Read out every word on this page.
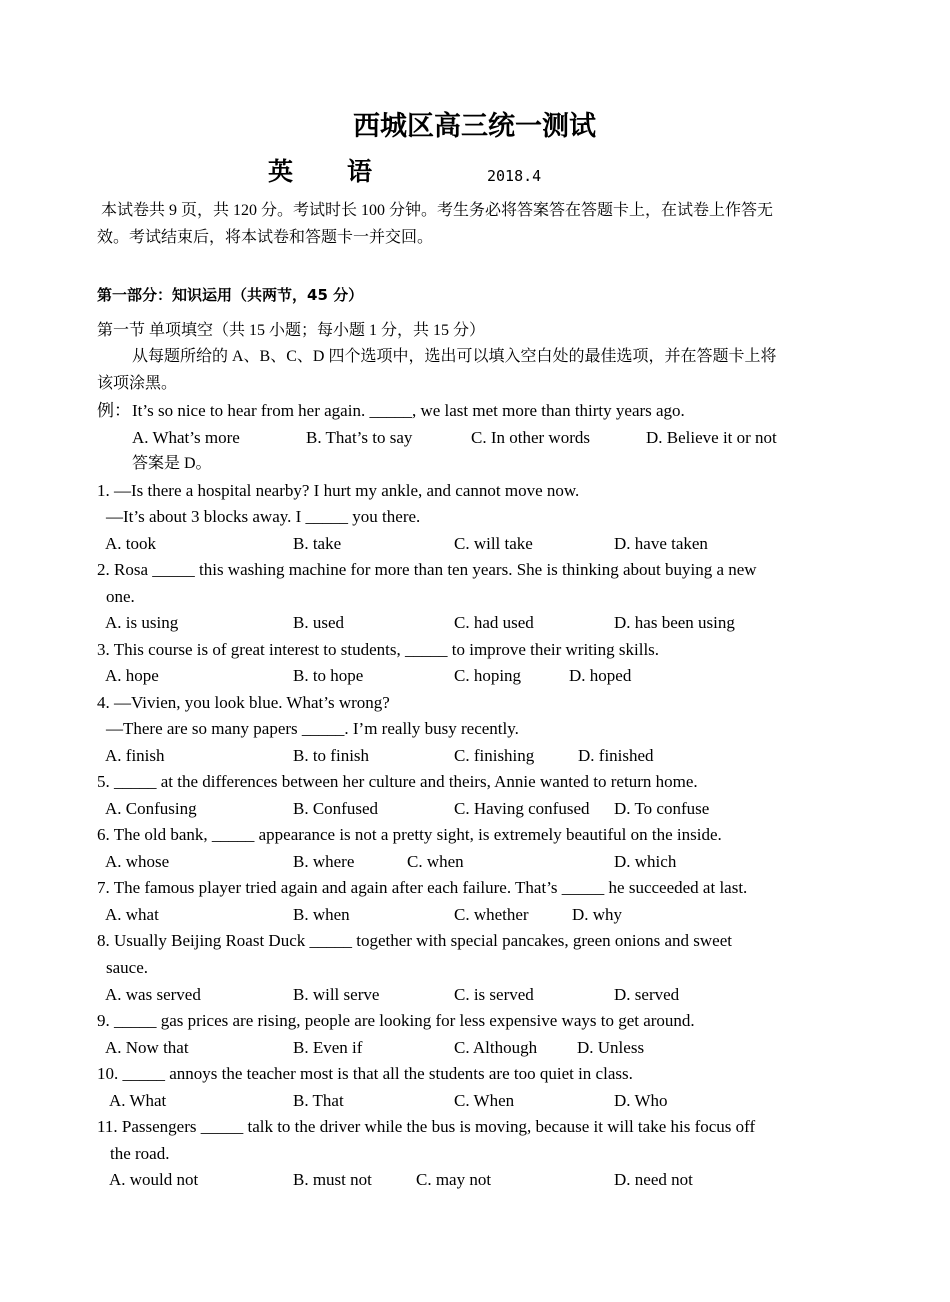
西城区高三统一测试
英语	2018.4
本试卷共 9 页，共 120 分。考试时长 100 分钟。考生务必将答案答在答题卡上，在试卷上作答无
效。考试结束后，将本试卷和答题卡一并交回。
第一部分：知识运用（共两节，45 分）
第一节 单项填空（共 15 小题；每小题 1 分，共 15 分）
从每题所给的 A、B、C、D 四个选项中，选出可以填入空白处的最佳选项，并在答题卡上将
该项涂黑。
例： It’s so nice to hear from her again. _____, we last met more than thirty years ago.
A. What’s more	B. That’s to say	C. In other words	D. Believe it or not
答案是 D。
1. —Is there a hospital nearby? I hurt my ankle, and cannot move now.
—It’s about 3 blocks away. I _____ you there.
A. took	B. take	C. will take	D. have taken
2. Rosa _____ this washing machine for more than ten years. She is thinking about buying a new
one.
A. is using	B. used	C. had used	D. has been using
3. This course is of great interest to students, _____ to improve their writing skills.
A. hope	B. to hope	C. hoping	D. hoped
4. —Vivien, you look blue. What’s wrong?
—There are so many papers _____. I’m really busy recently.
A. finish	B. to finish	C. finishing	D. finished
5. _____ at the differences between her culture and theirs, Annie wanted to return home.
A. Confusing	B. Confused	C. Having confused D. To confuse
6. The old bank, _____ appearance is not a pretty sight, is extremely beautiful on the inside.
A. whose	B. where	C. when	D. which
7. The famous player tried again and again after each failure. That’s _____ he succeeded at last.
A. what	B. when	C. whether	D. why
8. Usually Beijing Roast Duck _____ together with special pancakes, green onions and sweet
sauce.
A. was served	B. will serve	C. is served	D. served
9. _____ gas prices are rising, people are looking for less expensive ways to get around.
A. Now that	B. Even if	C. Although D. Unless
10. _____ annoys the teacher most is that all the students are too quiet in class.
A. What	B. That	C. When	D. Who
11. Passengers _____ talk to the driver while the bus is moving, because it will take his focus off
the road.
A. would not	B. must not	C. may not	D. need not
